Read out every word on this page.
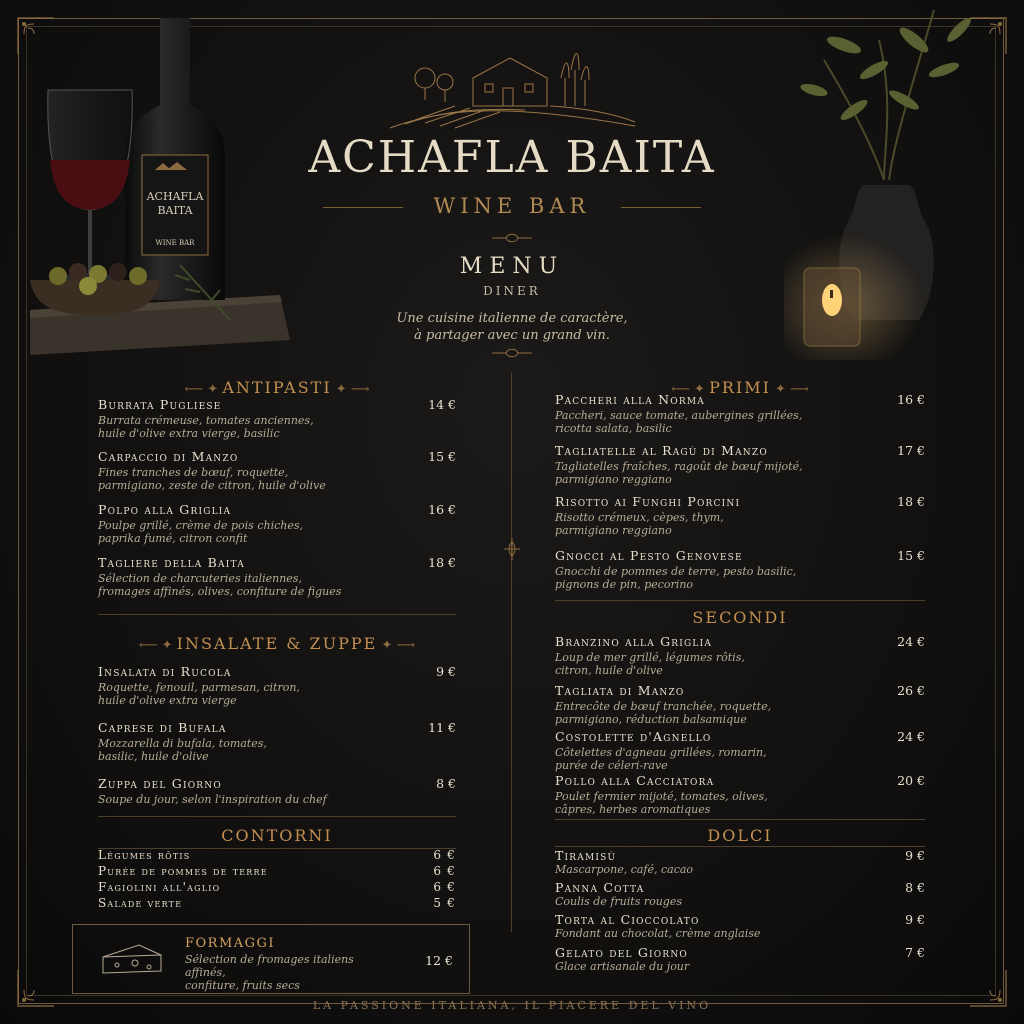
ACHAFLA
BAITA
WINE BAR
ACHAFLA BAITA
WINE BAR
MENU
DINER
Une cuisine italienne de caractère,
à partager avec un grand vin.
⟵ ✦ ANTIPASTI ✦ ⟶
Burrata Pugliese	14 €
Burrata crémeuse, tomates anciennes,
huile d'olive extra vierge, basilic
Carpaccio di Manzo	15 €
Fines tranches de bœuf, roquette,
parmigiano, zeste de citron, huile d'olive
Polpo alla Griglia	16 €
Poulpe grillé, crème de pois chiches,
paprika fumé, citron confit
Tagliere della Baita	18 €
Sélection de charcuteries italiennes,
fromages affinés, olives, confiture de figues
⟵ ✦ INSALATE & ZUPPE ✦ ⟶
Insalata di Rucola	9 €
Roquette, fenouil, parmesan, citron,
huile d'olive extra vierge
Caprese di Bufala	11 €
Mozzarella di bufala, tomates,
basilic, huile d'olive
Zuppa del Giorno	8 €
Soupe du jour, selon l'inspiration du chef
CONTORNI
Légumes rôtis	6 €
Purée de pommes de terre	6 €
Fagiolini all'aglio	6 €
Salade verte	5 €
FORMAGGI
Sélection de fromages italiens affinés,
confiture, fruits secs
12 €
⟵ ✦ PRIMI ✦ ⟶
Paccheri alla Norma	16 €
Paccheri, sauce tomate, aubergines grillées,
ricotta salata, basilic
Tagliatelle al Ragù di Manzo	17 €
Tagliatelles fraîches, ragoût de bœuf mijoté,
parmigiano reggiano
Risotto ai Funghi Porcini	18 €
Risotto crémeux, cèpes, thym,
parmigiano reggiano
Gnocci al Pesto Genovese	15 €
Gnocchi de pommes de terre, pesto basilic,
pignons de pin, pecorino
SECONDI
Branzino alla Griglia	24 €
Loup de mer grillé, légumes rôtis,
citron, huile d'olive
Tagliata di Manzo	26 €
Entrecôte de bœuf tranchée, roquette,
parmigiano, réduction balsamique
Costolette d'Agnello	24 €
Côtelettes d'agneau grillées, romarin,
purée de céleri-rave
Pollo alla Cacciatora	20 €
Poulet fermier mijoté, tomates, olives,
câpres, herbes aromatiques
DOLCI
Tiramisù	9 €
Mascarpone, café, cacao
Panna Cotta	8 €
Coulis de fruits rouges
Torta al Cioccolato	9 €
Fondant au chocolat, crème anglaise
Gelato del Giorno	7 €
Glace artisanale du jour
LA PASSIONE ITALIANA, IL PIACERE DEL VINO
